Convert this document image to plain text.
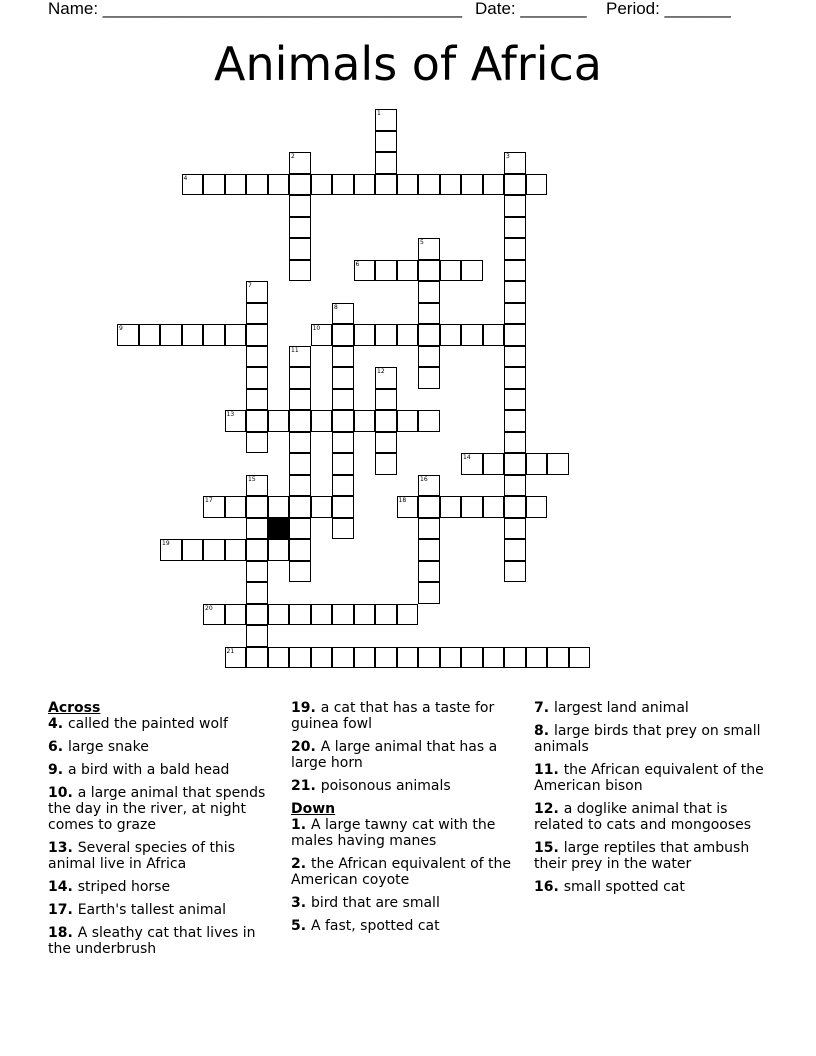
Name: ______________________________________ Date: _______ Period: _______
Animals of Africa
1
2	3
4
5
6
7
8
9	10
11
12
13
14
15	16
17	18
19
20
21
Across
4. called the painted wolf
6. large snake
9. a bird with a bald head
10. a large animal that spends the day in the river, at night comes to graze
13. Several species of this animal live in Africa
14. striped horse
17. Earth's tallest animal
18. A sleathy cat that lives in the underbrush
19. a cat that has a taste for guinea fowl
20. A large animal that has a large horn
21. poisonous animals
Down
1. A large tawny cat with the males having manes
2. the African equivalent of the American coyote
3. bird that are small
5. A fast, spotted cat
7. largest land animal
8. large birds that prey on small animals
11. the African equivalent of the American bison
12. a doglike animal that is related to cats and mongooses
15. large reptiles that ambush their prey in the water
16. small spotted cat
